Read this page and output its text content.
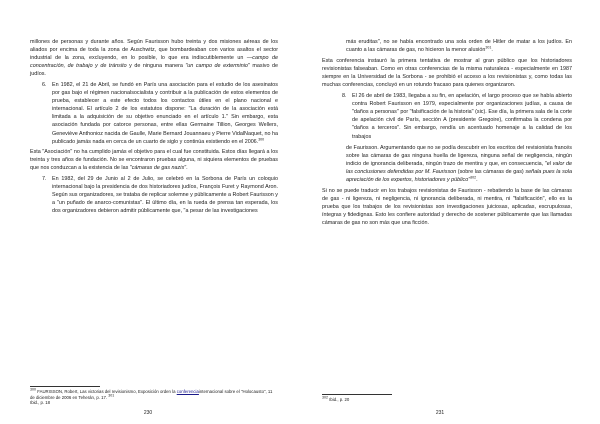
millones de personas y durante años. Según Faurisson hubo treinta y dos misiones aéreas de los aliados por encima de toda la zona de Auschwitz, que bombardeaban con varios asaltos el sector industrial de la zona, excluyendo, en lo posible, lo que era indiscutiblemente un —campo de concentración, de trabajo y de tránsito y de ninguna manera "un campo de exterminio" masivo de judíos.

6.	En 1982, el 21 de Abril, se fundó en París una asociación para el estudio de los asesinatos por gas bajo el régimen nacionalsocialista y contribuir a la publicación de estos elementos de prueba, establecer a este efecto todos los contactos útiles en el plano nacional e internacional. El artículo 2 de los estatutos dispone: "La duración de la asociación está limitada a la adquisición de su objetivo enunciado en el artículo 1." Sin embargo, esta asociación fundada por catorce personas, entre ellas Germaine Tillion, Georges Wellers, Geneviève Anthonioz nacida de Gaulle, Marie Bernard Jouannaeu y Pierre VidalNaquet, no ha publicado jamás nada en cerca de un cuarto de siglo y continúa existiendo en el 2006.$^{300}$

Esta "Asociación" no ha cumplido jamás el objetivo para el cual fue constituida. Estos días llegará a los treinta y tres años de fundación. No se encontraron pruebas alguna, ni siquiera elementos de pruebas que nos conduzcan a la existencia de las "cámaras de gas nazis".

7.	En 1982, del 29 de Junio al 2 de Julio, se celebró en la Sorbona de París un coloquio internacional bajo la presidencia de dos historiadores judíos, François Furet y Raymond Aron. Según sus organizadores, se trataba de replicar solemne y públicamente a Robert Faurisson y a "un puñado de anarco-comunistas". El último día, en la rueda de prensa tan esperada, los dos organizadores debieron admitir públicamente que, "a pesar de las investigaciones
$^{300}$ FAURISSON, Robert, Las victorias del revisionismo, Exposición orden la conferenciainternacional sobre el "Holocausto", 11 de diciembre de 2006 en Teherán, p. 17. $^{301}$
Ibid., p. 18
230

más eruditas", no se había encontrado una sola orden de Hitler de matar a los judíos. En cuanto a las cámaras de gas, no hicieron la menor alusión$^{301}$.

Esta conferencia instauró la primera tentativa de mostrar al gran público que los historiadores revisionistas falseaban. Como en otras conferencias de la misma naturaleza - especialmente en 1987 siempre en la Universidad de la Sorbona - se prohibió el acceso a los revisionistas y, como todas las muchas conferencias, concluyó en un rotundo fracaso para quienes organizaron.

8.	El 26 de abril de 1983, llegaba a su fin, en apelación, el largo proceso que se había abierto contra Robert Faurisson en 1979, especialmente por organizaciones judías, a causa de "daños a personas" por "falsificación de la historia" (sic). Ese día, la primera sala de la corte de apelación civil de París, sección A (presidente Gregoire), confirmaba la condena por "daños a terceros". Sin embargo, rendía un acentuado homenaje a la calidad de los trabajos

de Faurisson. Argumentando que no se podía descubrir en los escritos del revisionista francés sobre las cámaras de gas ninguna huella de ligereza, ninguna señal de negligencia, ningún indicio de ignorancia deliberada, ningún trazo de mentira y que, en consecuencia, "el valor de las conclusiones defendidas por M. Faurisson (sobre las cámaras de gas) señala pues la sola apreciación de los expertos, historiadores y público"$^{302}$.

Si no se puede traducir en los trabajos revisionistas de Faurisson - rebatiendo la base de las cámaras de gas - ni ligereza, ni negligencia, ni ignorancia deliberada, ni mentira, ni "falsificación", ello es la prueba que los trabajos de los revisionistas son investigaciones juiciosas, aplicadas, escrupulosas, íntegras y fidedignas. Esto les confiere autoridad y derecho de sostener públicamente que las llamadas cámaras de gas no son más que una ficción.

$^{302}$ Ibid., p. 20
231
